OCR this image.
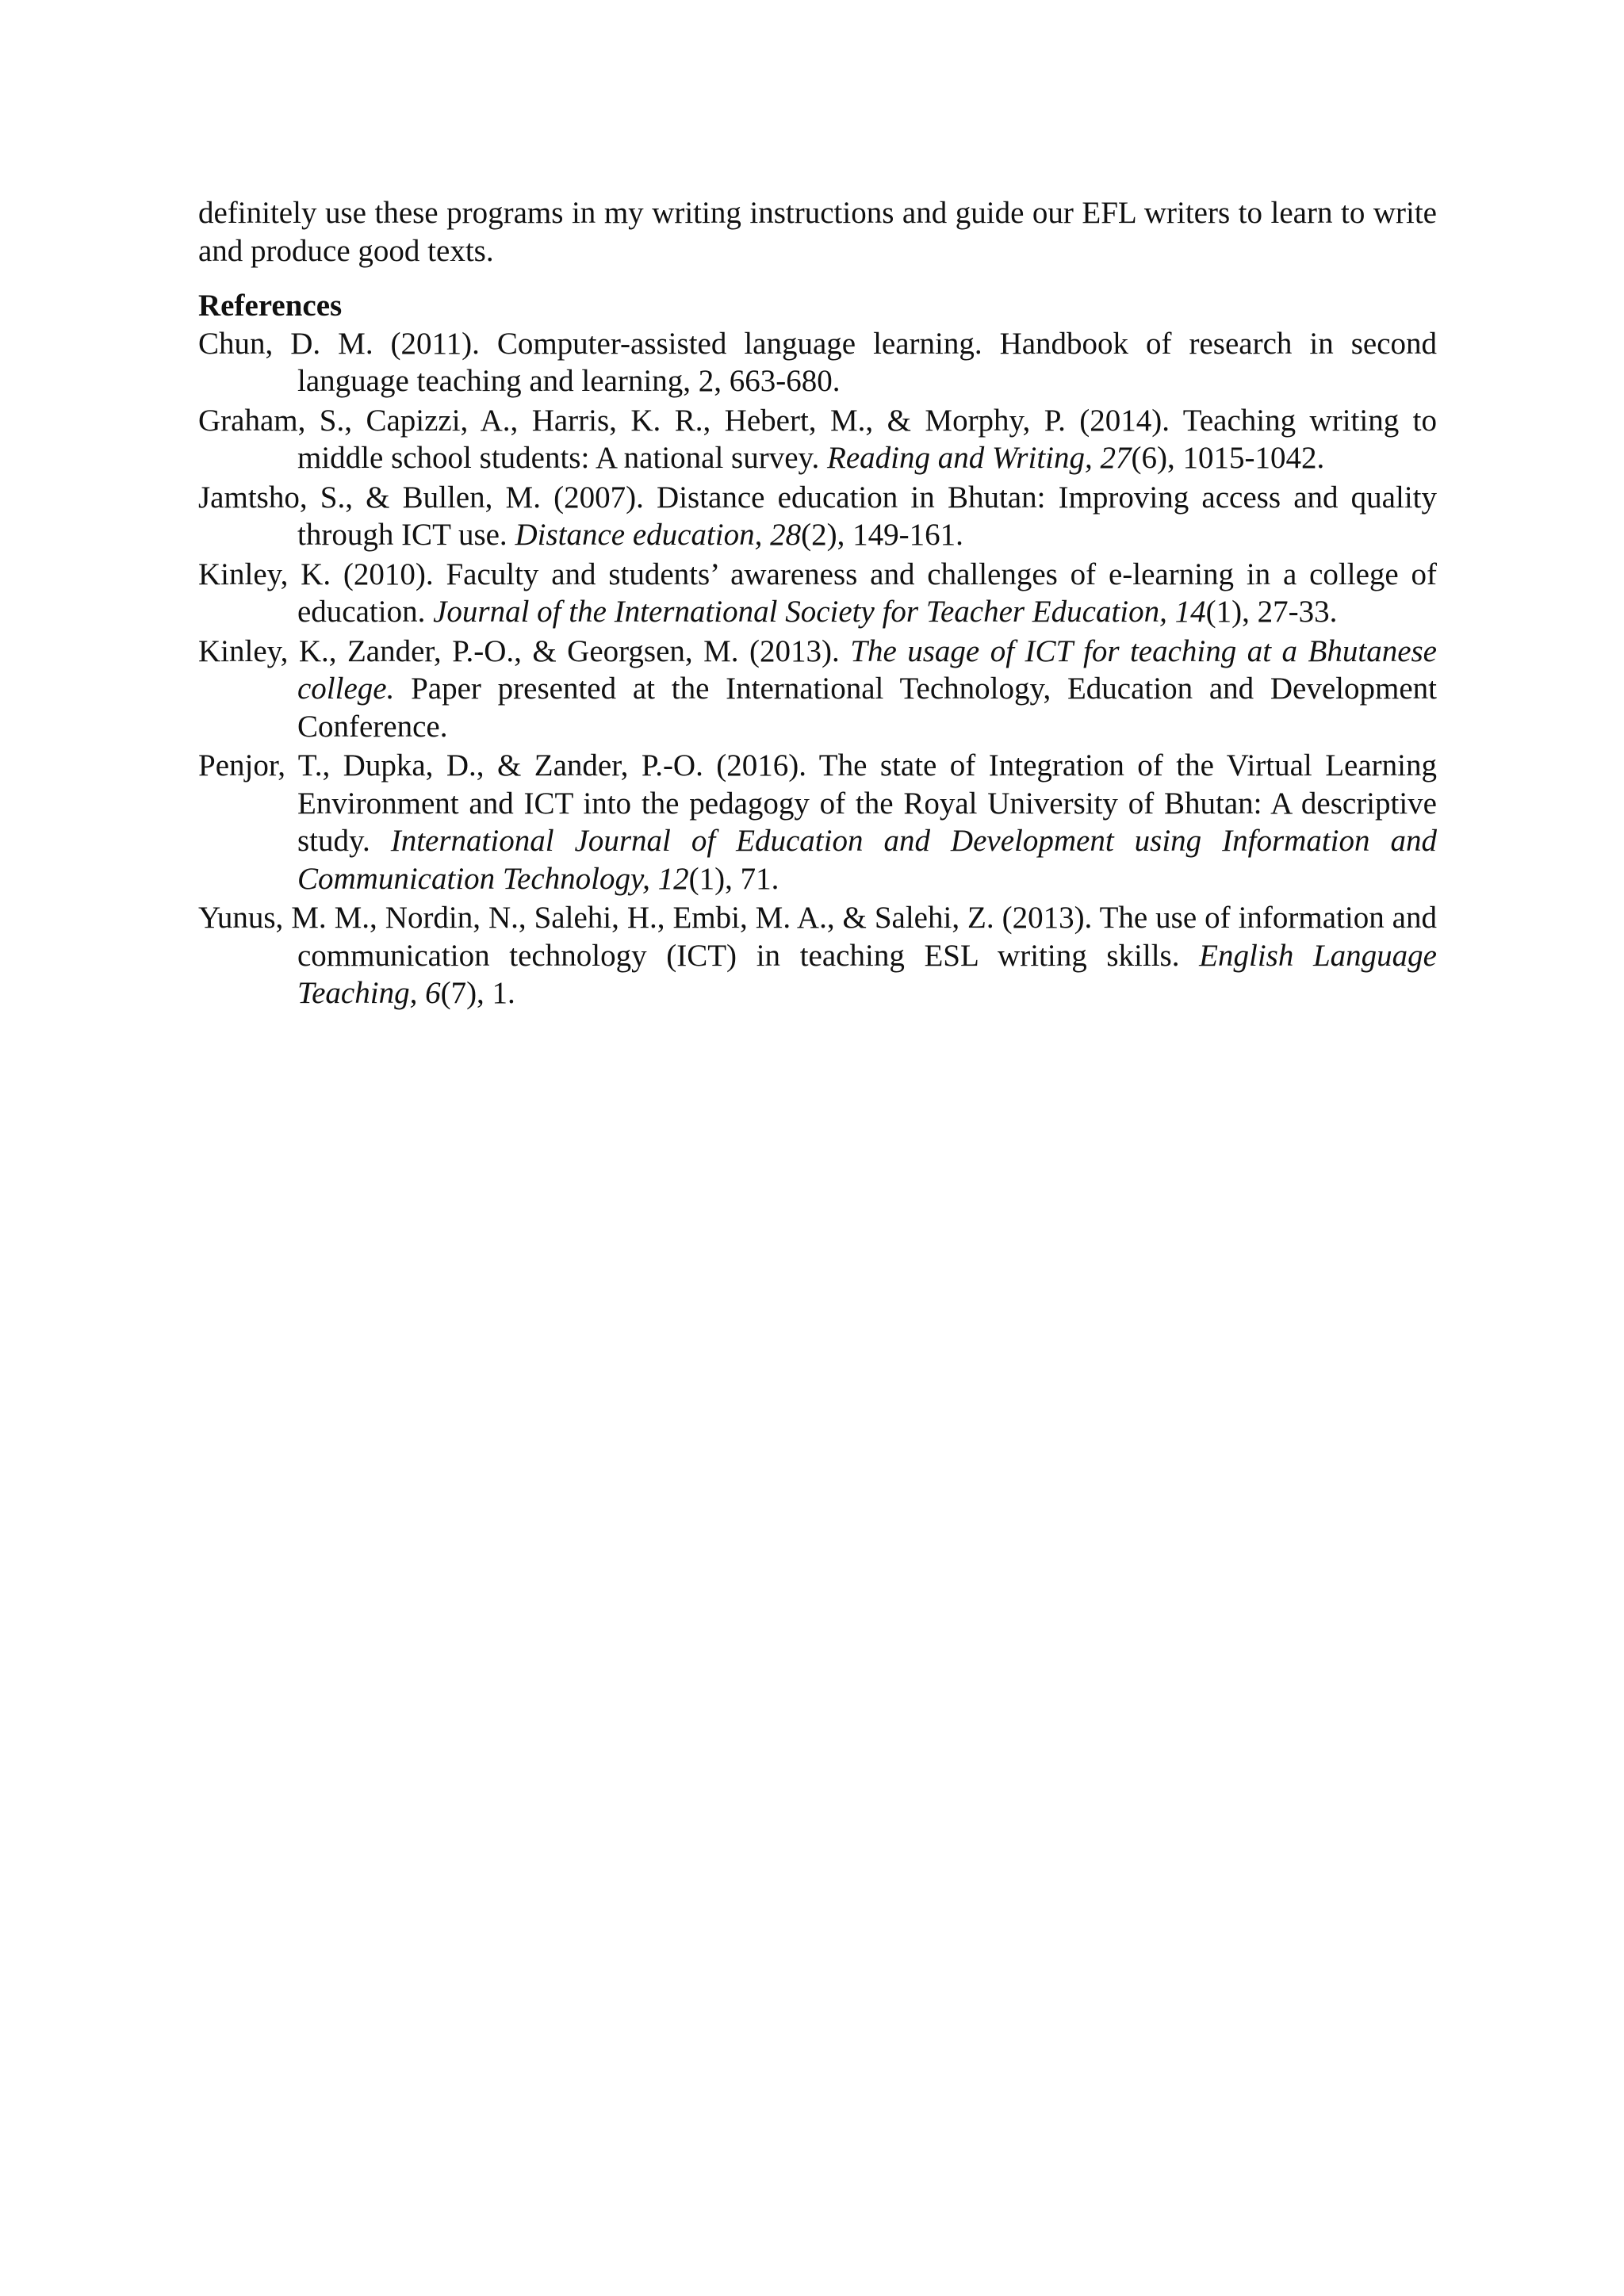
definitely use these programs in my writing instructions and guide our EFL writers to learn to write and produce good texts.

References

Chun, D. M. (2011). Computer-assisted language learning. Handbook of research in second language teaching and learning, 2, 663-680.

Graham, S., Capizzi, A., Harris, K. R., Hebert, M., & Morphy, P. (2014). Teaching writing to middle school students: A national survey. Reading and Writing, 27(6), 1015-1042.

Jamtsho, S., & Bullen, M. (2007). Distance education in Bhutan: Improving access and quality through ICT use. Distance education, 28(2), 149-161.

Kinley, K. (2010). Faculty and students’ awareness and challenges of e-learning in a college of education. Journal of the International Society for Teacher Education, 14(1), 27-33.

Kinley, K., Zander, P.-O., & Georgsen, M. (2013). The usage of ICT for teaching at a Bhutanese college. Paper presented at the International Technology, Education and Development Conference.

Penjor, T., Dupka, D., & Zander, P.-O. (2016). The state of Integration of the Virtual Learning Environment and ICT into the pedagogy of the Royal University of Bhutan: A descriptive study. International Journal of Education and Development using Information and Communication Technology, 12(1), 71.

Yunus, M. M., Nordin, N., Salehi, H., Embi, M. A., & Salehi, Z. (2013). The use of information and communication technology (ICT) in teaching ESL writing skills. English Language Teaching, 6(7), 1.
